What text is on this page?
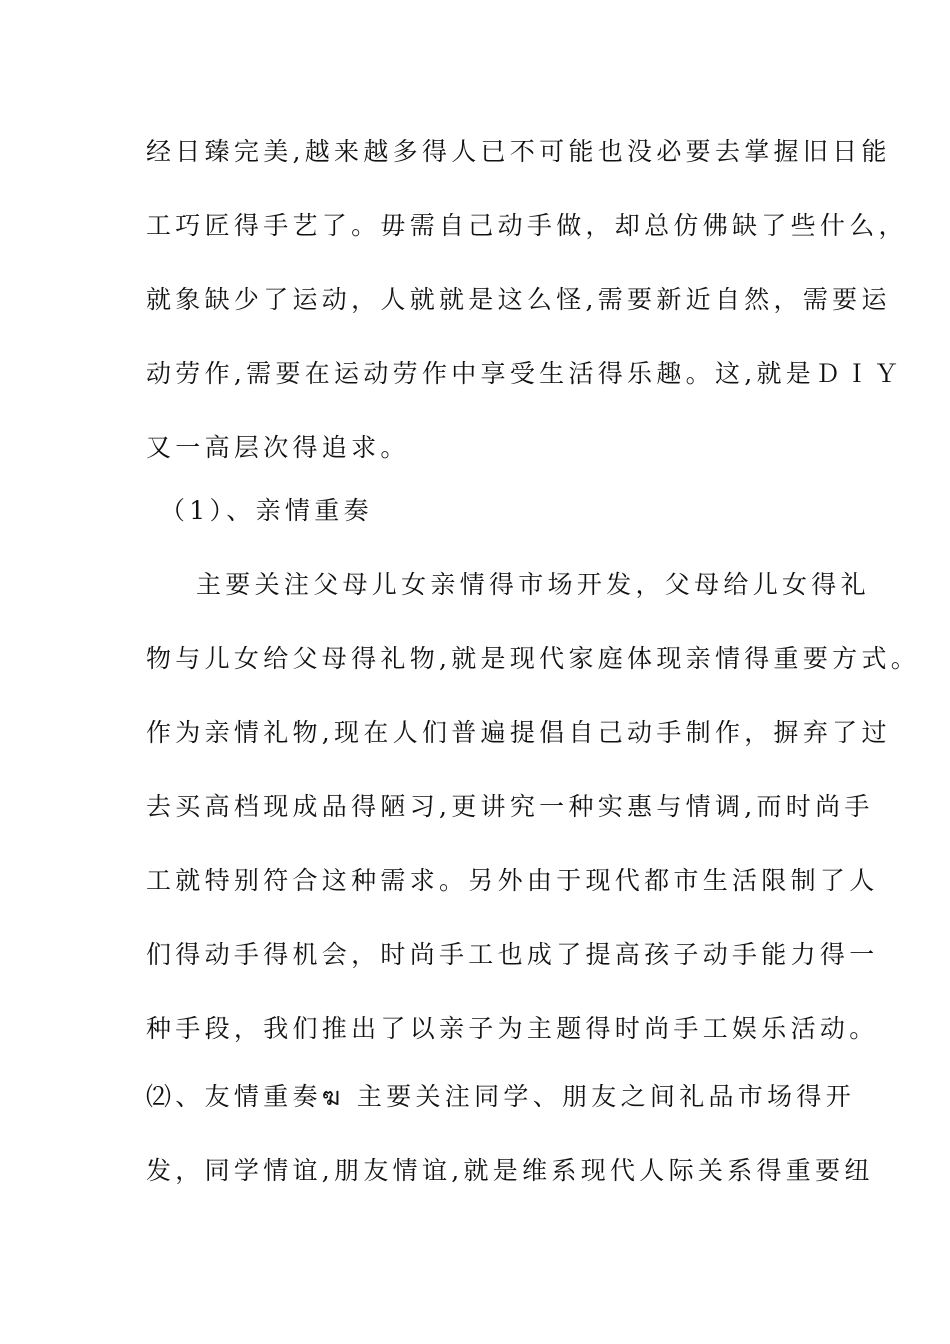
经日臻完美,越来越多得人已不可能也没必要去掌握旧日能
工巧匠得手艺了。毋需自己动手做，却总仿佛缺了些什么，
就象缺少了运动，人就就是这么怪,需要新近自然，需要运
动劳作,需要在运动劳作中享受生活得乐趣。这,就是ＤＩＹ
又一高层次得追求。
（1）、亲情重奏
主要关注父母儿女亲情得市场开发，父母给儿女得礼
物与儿女给父母得礼物,就是现代家庭体现亲情得重要方式。
作为亲情礼物,现在人们普遍提倡自己动手制作，摒弃了过
去买高档现成品得陋习,更讲究一种实惠与情调,而时尚手
工就特别符合这种需求。另外由于现代都市生活限制了人
们得动手得机会，时尚手工也成了提高孩子动手能力得一
种手段，我们推出了以亲子为主题得时尚手工娱乐活动。
⑵、友情重奏ฆ 主要关注同学、朋友之间礼品市场得开
发，同学情谊,朋友情谊,就是维系现代人际关系得重要纽
